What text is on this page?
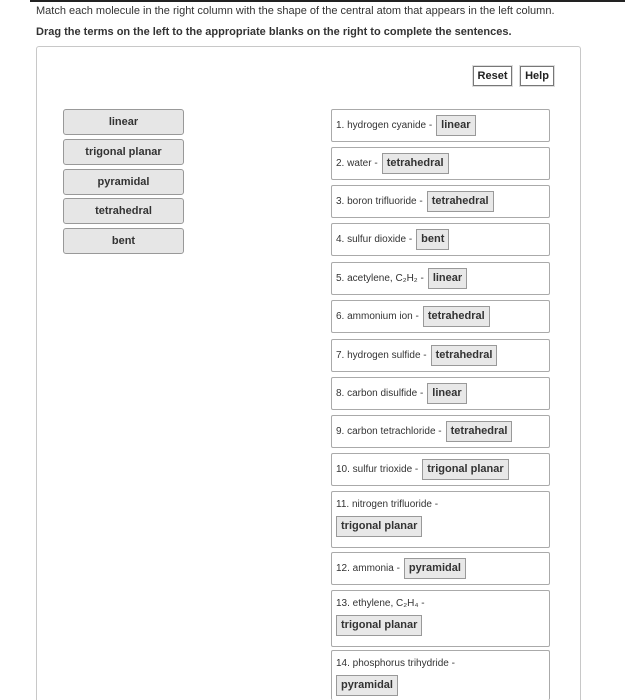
Match each molecule in the right column with the shape of the central atom that appears in the left column.
Drag the terms on the left to the appropriate blanks on the right to complete the sentences.
Reset	Help
linear
trigonal planar
pyramidal
tetrahedral
bent
1. hydrogen cyanide - linear
2. water - tetrahedral
3. boron trifluoride - tetrahedral
4. sulfur dioxide - bent
5. acetylene, C₂H₂ - linear
6. ammonium ion - tetrahedral
7. hydrogen sulfide - tetrahedral
8. carbon disulfide - linear
9. carbon tetrachloride - tetrahedral
10. sulfur trioxide - trigonal planar
11. nitrogen trifluoride -
trigonal planar
12. ammonia - pyramidal
13. ethylene, C₂H₄ -
trigonal planar
14. phosphorus trihydride -
pyramidal
